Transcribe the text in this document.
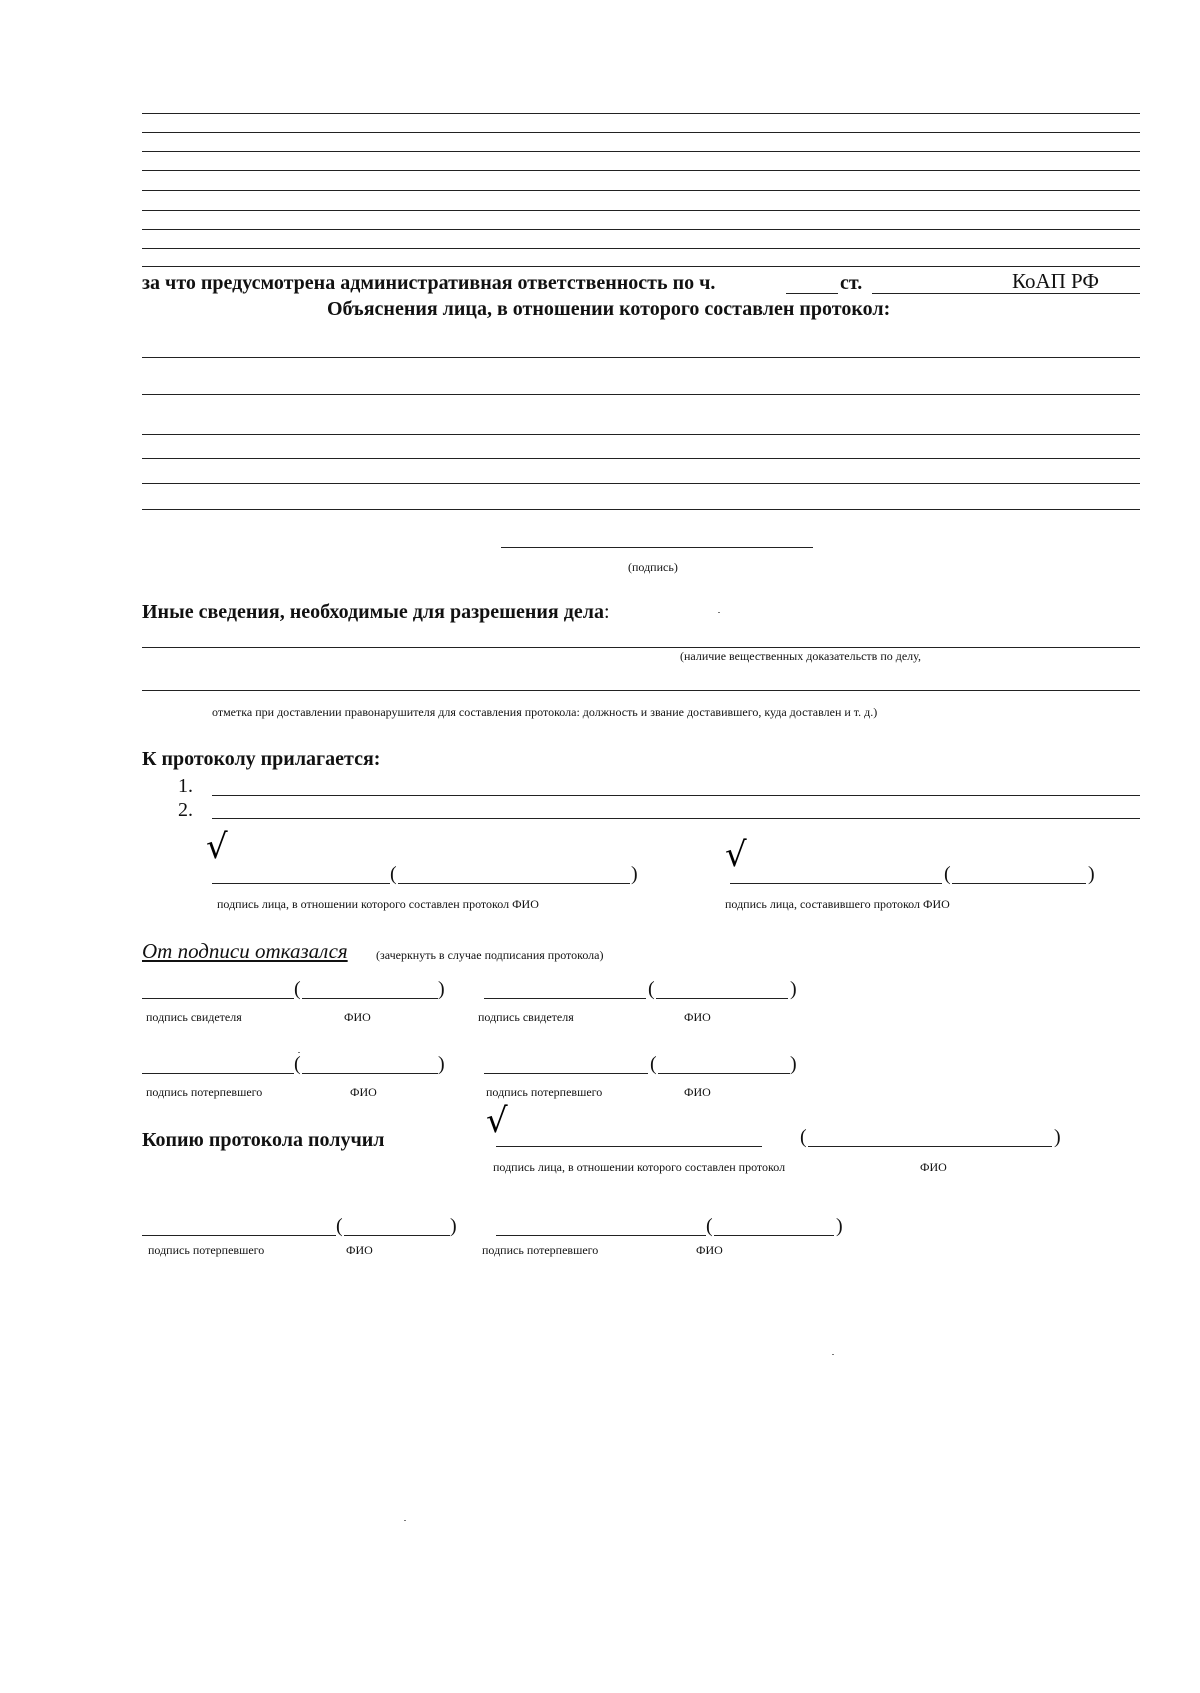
за что предусмотрена административная ответственность по ч.	ст.	КоАП РФ
Объяснения лица, в отношении которого составлен протокол:
(подпись)
Иные сведения, необходимые для разрешения дела:
(наличие вещественных доказательств по делу,
отметка при доставлении правонарушителя для составления протокола: должность и звание доставившего, куда доставлен и т. д.)
К протоколу прилагается:
1.
2.
√
(	)
подпись лица, в отношении которого составлен протокол ФИО
√	(	)
подпись лица, составившего протокол ФИО
От подписи отказался (зачеркнуть в случае подписания протокола)
(	)
подпись свидетеля	ФИО
(	)
подпись свидетеля	ФИО
(	)
подпись потерпевшего	ФИО
(	)
подпись потерпевшего	ФИО
Копию протокола получил	√	(	)
подпись лица, в отношении которого составлен протокол	ФИО
(	)
подпись потерпевшего	ФИО
(	)
подпись потерпевшего	ФИО
